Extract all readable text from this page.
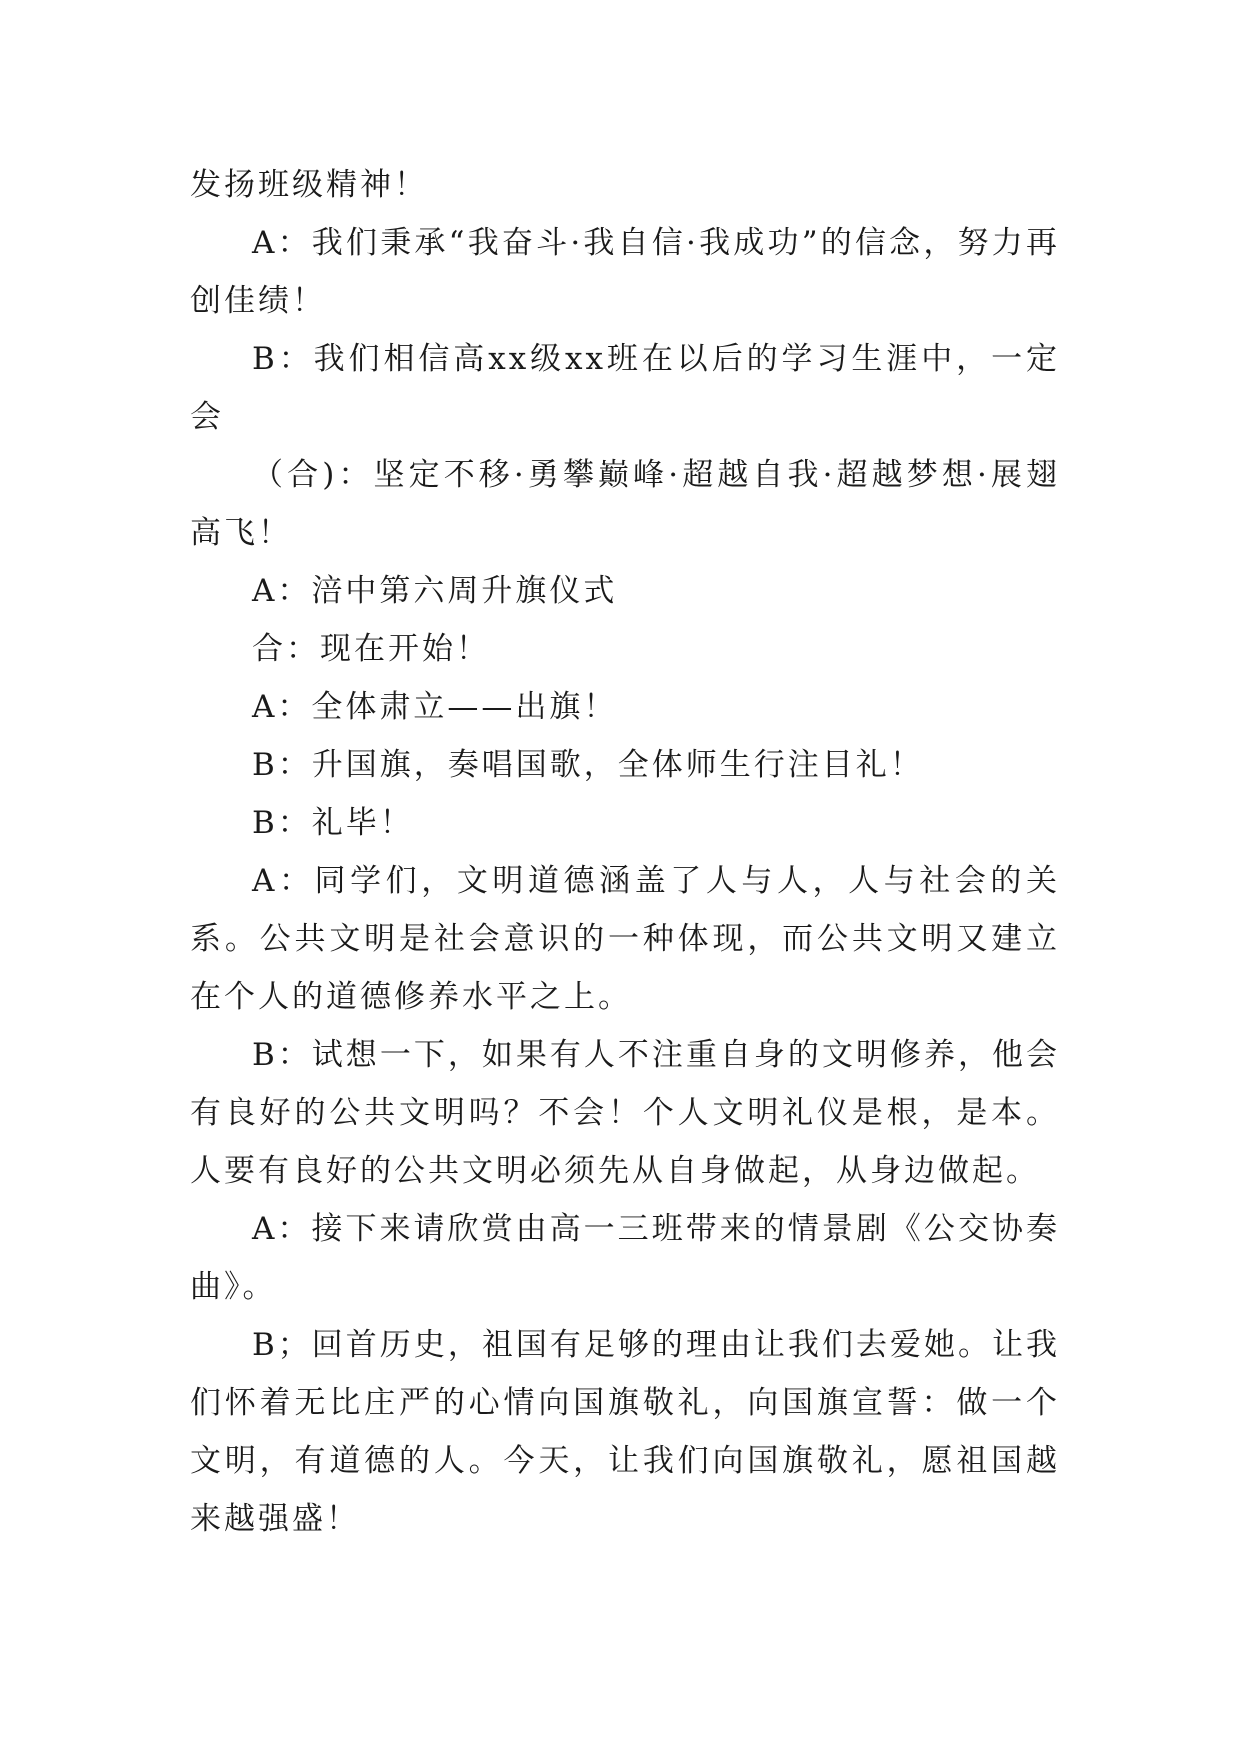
发扬班级精神！

A：我们秉承“我奋斗·我自信·我成功”的信念，努力再创佳绩！

B：我们相信高xx级xx班在以后的学习生涯中，一定会

（合)：坚定不移·勇攀巅峰·超越自我·超越梦想·展翅高飞！

A：涪中第六周升旗仪式

合：现在开始！

A：全体肃立——出旗！

B：升国旗，奏唱国歌，全体师生行注目礼！

B：礼毕！

A：同学们，文明道德涵盖了人与人，人与社会的关系。公共文明是社会意识的一种体现，而公共文明又建立在个人的道德修养水平之上。

B：试想一下，如果有人不注重自身的文明修养，他会有良好的公共文明吗？不会！个人文明礼仪是根，是本。人要有良好的公共文明必须先从自身做起，从身边做起。

A：接下来请欣赏由高一三班带来的情景剧《公交协奏曲》。

B；回首历史，祖国有足够的理由让我们去爱她。让我们怀着无比庄严的心情向国旗敬礼，向国旗宣誓：做一个文明，有道德的人。今天，让我们向国旗敬礼，愿祖国越来越强盛！
